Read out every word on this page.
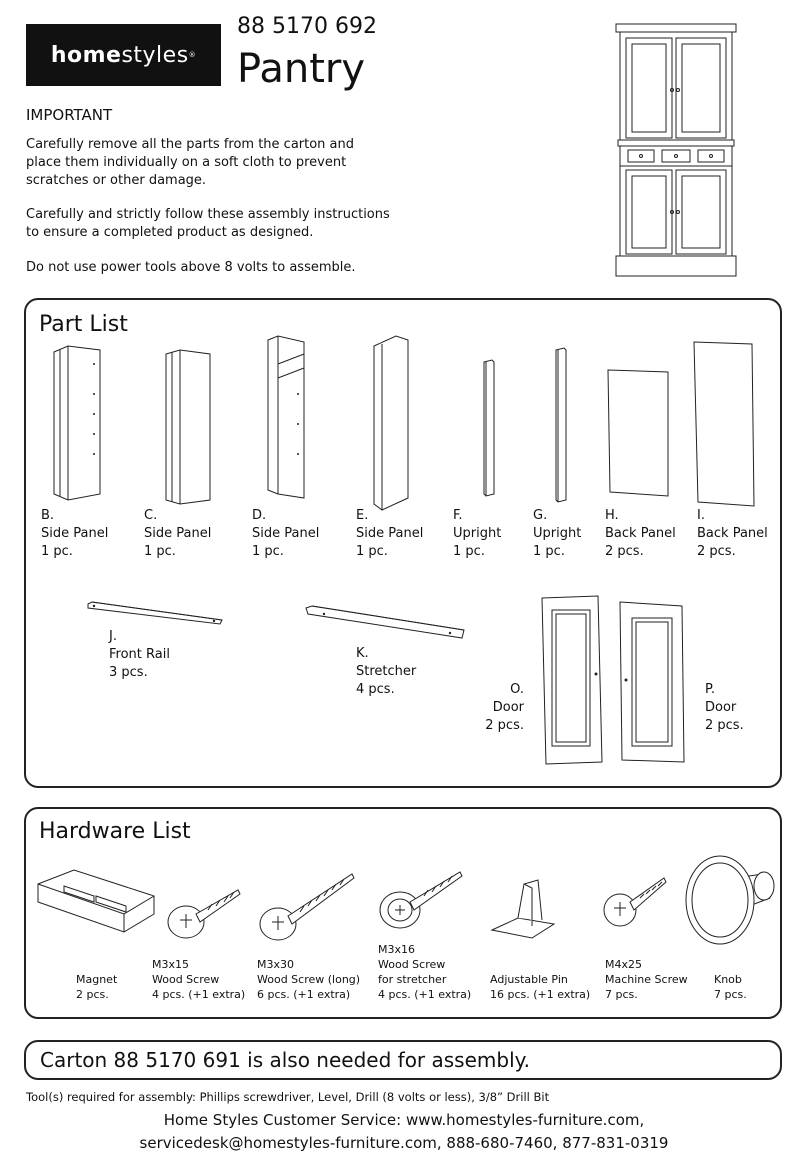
home styles ®
88 5170 692
Pantry
IMPORTANT
Carefully remove all the parts from the carton and
place them individually on a soft cloth to prevent
scratches or other damage.
Carefully and strictly follow these assembly instructions
to ensure a completed product as designed.
Do not use power tools above 8 volts to assemble.
Part List
B.
Side Panel
1 pc.
C.
Side Panel
1 pc.
D.
Side Panel
1 pc.
E.
Side Panel
1 pc.
F.
Upright
1 pc.
G.
Upright
1 pc.
H.
Back Panel
2 pcs.
I.
Back Panel
2 pcs.
J.
Front Rail
3 pcs.
K.
Stretcher
4 pcs.	O.
Door
2 pcs.
P.
Door
2 pcs.
Hardware List
Magnet
2 pcs.
M3x15
Wood Screw
4 pcs. (+1 extra)
M3x30
Wood Screw (long)
6 pcs. (+1 extra)
M3x16
Wood Screw
for stretcher
4 pcs. (+1 extra)
Adjustable Pin
16 pcs. (+1 extra)
M4x25
Machine Screw
7 pcs.
Knob
7 pcs.
Carton 88 5170 691 is also needed for assembly.
Tool(s) required for assembly: Phillips screwdriver, Level, Drill (8 volts or less), 3/8” Drill Bit
Home Styles Customer Service: www.homestyles-furniture.com,
servicedesk@homestyles-furniture.com, 888-680-7460, 877-831-0319
